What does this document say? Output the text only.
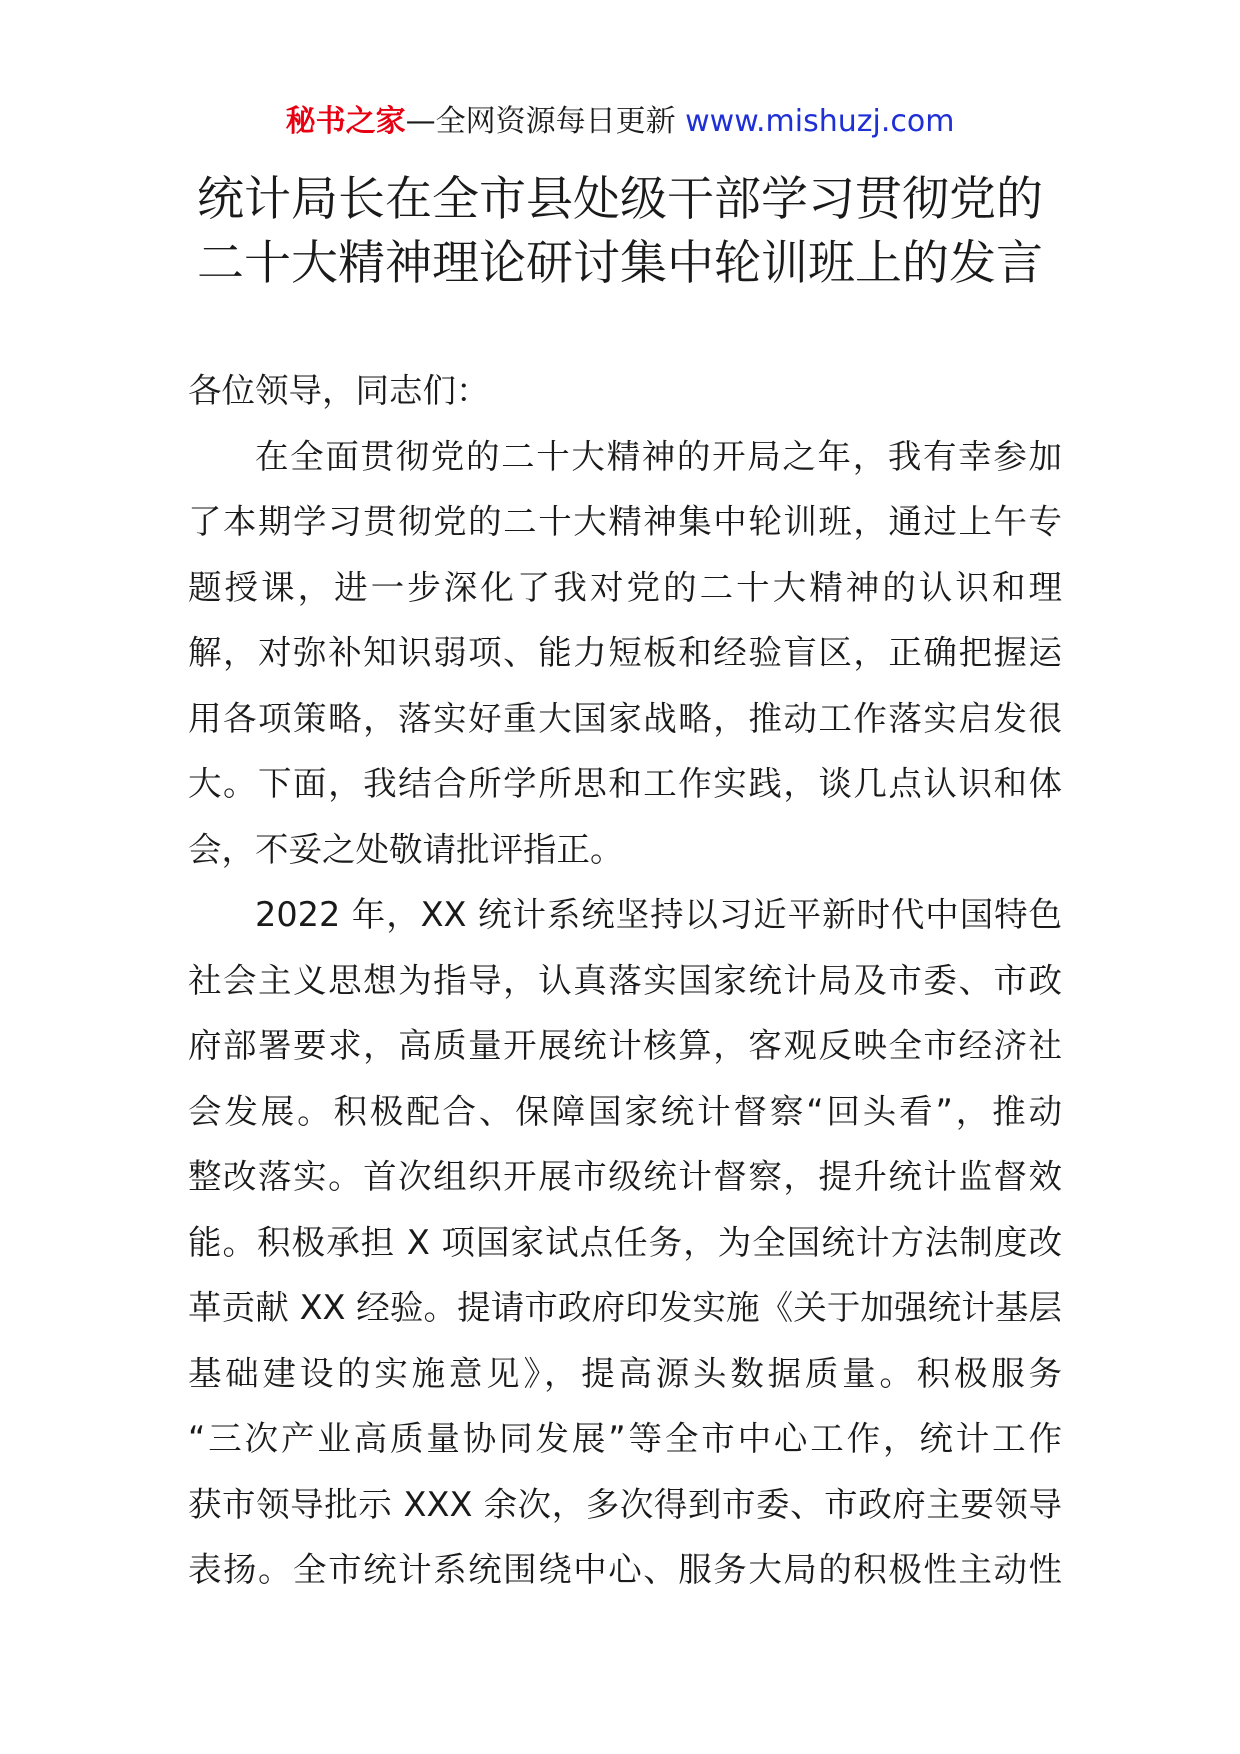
秘书之家—全网资源每日更新 www.mishuzj.com
统计局长在全市县处级干部学习贯彻党的
二十大精神理论研讨集中轮训班上的发言

各位领导，同志们：

在全面贯彻党的二十大精神的开局之年，我有幸参加
了本期学习贯彻党的二十大精神集中轮训班，通过上午专
题授课，进一步深化了我对党的二十大精神的认识和理
解，对弥补知识弱项、能力短板和经验盲区，正确把握运
用各项策略，落实好重大国家战略，推动工作落实启发很
大。下面，我结合所学所思和工作实践，谈几点认识和体
会，不妥之处敬请批评指正。
2022 年，XX 统计系统坚持以习近平新时代中国特色
社会主义思想为指导，认真落实国家统计局及市委、市政
府部署要求，高质量开展统计核算，客观反映全市经济社
会发展。积极配合、保障国家统计督察“回头看”，推动
整改落实。首次组织开展市级统计督察，提升统计监督效
能。积极承担 X 项国家试点任务，为全国统计方法制度改
革贡献 XX 经验。提请市政府印发实施《关于加强统计基层
基础建设的实施意见》，提高源头数据质量。积极服务
“三次产业高质量协同发展”等全市中心工作，统计工作
获市领导批示 XXX 余次，多次得到市委、市政府主要领导
表扬。全市统计系统围绕中心、服务大局的积极性主动性
